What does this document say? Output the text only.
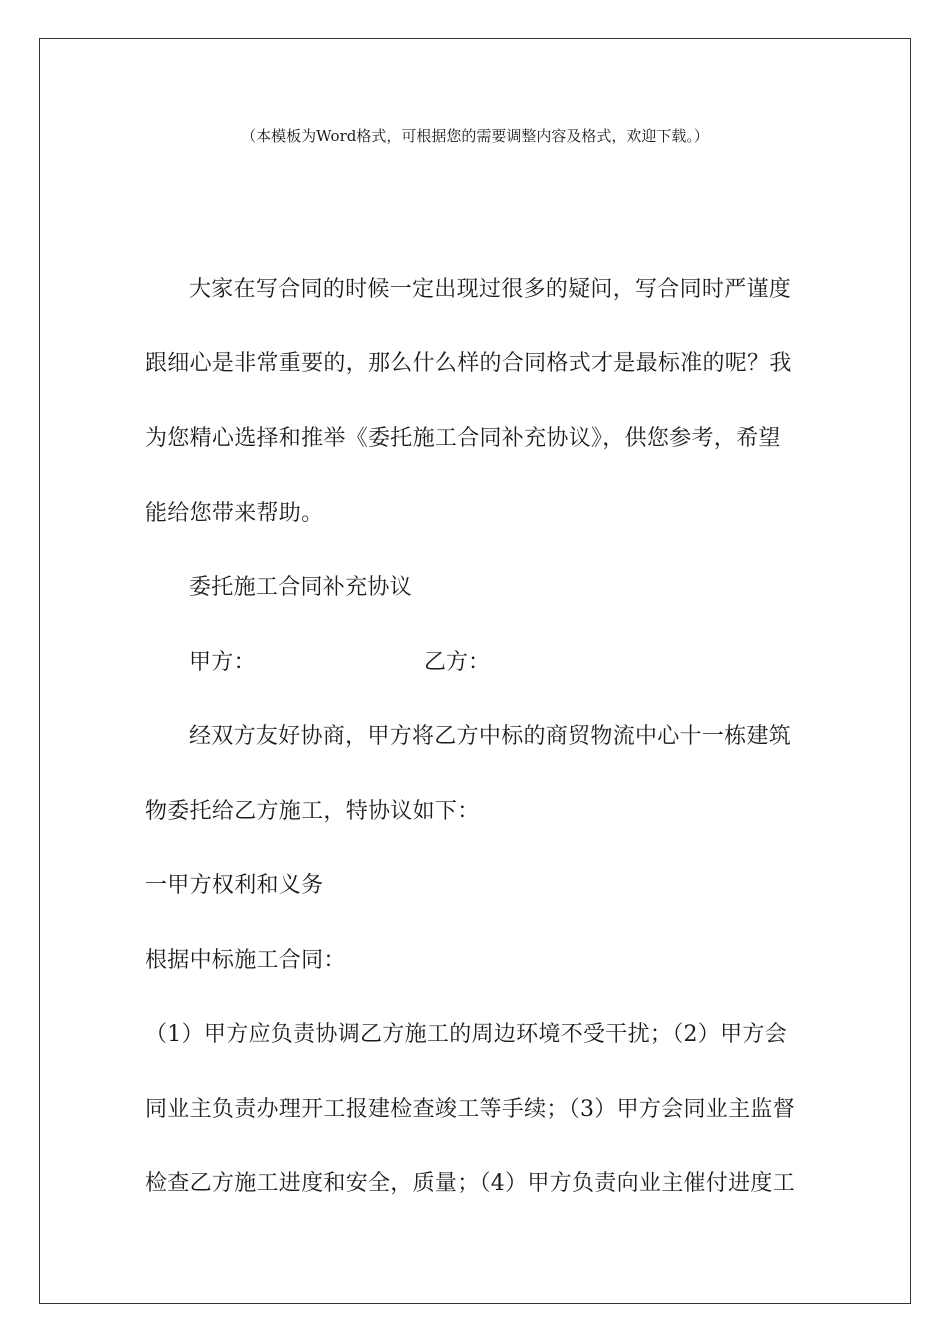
（本模板为Word格式，可根据您的需要调整内容及格式，欢迎下载。）
大家在写合同的时候一定出现过很多的疑问，写合同时严谨度
跟细心是非常重要的，那么什么样的合同格式才是最标准的呢？我
为您精心选择和推举《委托施工合同补充协议》，供您参考，希望
能给您带来帮助。
委托施工合同补充协议
甲方：	乙方：
经双方友好协商，甲方将乙方中标的商贸物流中心十一栋建筑
物委托给乙方施工，特协议如下：
一甲方权利和义务
根据中标施工合同：
（1）甲方应负责协调乙方施工的周边环境不受干扰；（2）甲方会
同业主负责办理开工报建检查竣工等手续；（3）甲方会同业主监督
检查乙方施工进度和安全，质量；（4）甲方负责向业主催付进度工
